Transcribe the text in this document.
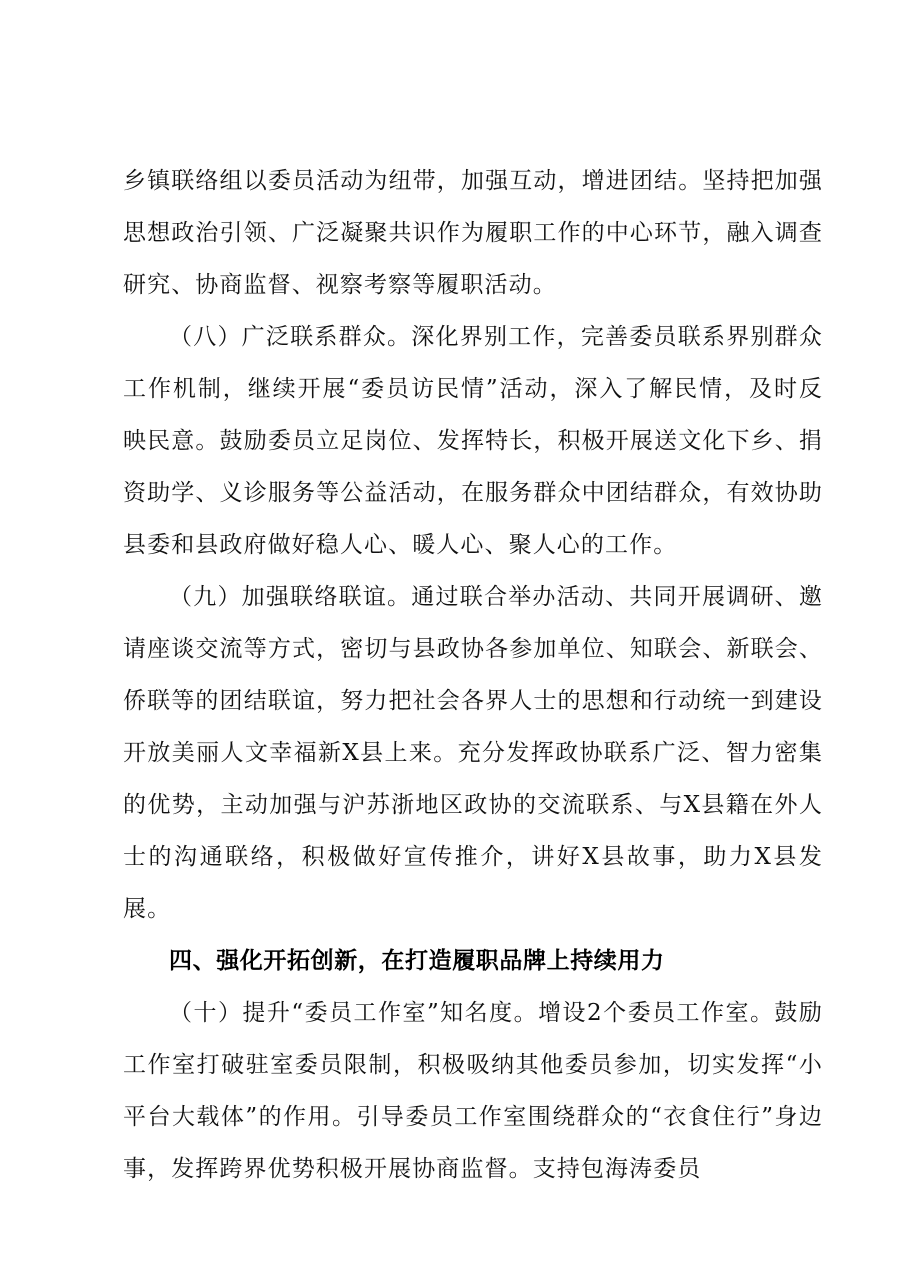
乡镇联络组以委员活动为纽带，加强互动，增进团结。坚持把加强思想政治引领、广泛凝聚共识作为履职工作的中心环节，融入调查研究、协商监督、视察考察等履职活动。

（八）广泛联系群众。深化界别工作，完善委员联系界别群众工作机制，继续开展“委员访民情”活动，深入了解民情，及时反映民意。鼓励委员立足岗位、发挥特长，积极开展送文化下乡、捐资助学、义诊服务等公益活动，在服务群众中团结群众，有效协助县委和县政府做好稳人心、暖人心、聚人心的工作。

（九）加强联络联谊。通过联合举办活动、共同开展调研、邀请座谈交流等方式，密切与县政协各参加单位、知联会、新联会、侨联等的团结联谊，努力把社会各界人士的思想和行动统一到建设开放美丽人文幸福新X县上来。充分发挥政协联系广泛、智力密集的优势，主动加强与沪苏浙地区政协的交流联系、与X县籍在外人士的沟通联络，积极做好宣传推介，讲好X县故事，助力X县发展。

四、强化开拓创新，在打造履职品牌上持续用力

（十）提升“委员工作室”知名度。增设2个委员工作室。鼓励工作室打破驻室委员限制，积极吸纳其他委员参加，切实发挥“小平台大载体”的作用。引导委员工作室围绕群众的“衣食住行”身边事，发挥跨界优势积极开展协商监督。支持包海涛委员
